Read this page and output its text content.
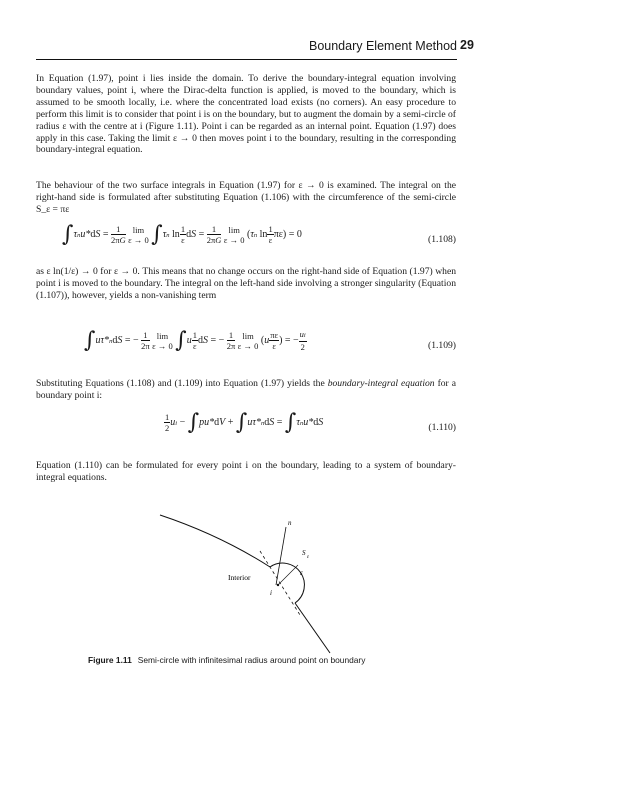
Boundary Element Method 29

In Equation (1.97), point i lies inside the domain. To derive the boundary-integral equation involving boundary values, point i, where the Dirac-delta function is applied, is moved to the boundary, which is assumed to be smooth locally, i.e. where the concentrated load exists (no corners). An easy procedure to perform this limit is to consider that point i is on the boundary, but to augment the domain by a semi-circle of radius ε with the centre at i (Figure 1.11). Point i can be regarded as an internal point. Equation (1.97) does apply in this case. Taking the limit ε → 0 then moves point i to the boundary, resulting in the corresponding boundary-integral equation.

The behaviour of the two surface integrals in Equation (1.97) for ε → 0 is examined. The integral on the right-hand side is formulated after substituting Equation (1.106) with the circumference of the semi-circle S_ε = πε

$\int\tau nu*dS = \frac{1}{2\pi G}$ lim
ε → 0 ∫τn $\ln \frac{1}{\varepsilon}$ dS = $\frac{1}{2\pi G}$ lim
ε → 0 (τn $\ln \frac{1}{\varepsilon} \pi\varepsilon) = 0$	(1.108)

as ε ln(1/ε) → 0 for ε → 0. This means that no change occurs on the right-hand side of Equation (1.97) when point i is moved to the boundary. The integral on the left-hand side involving a stronger singularity (Equation (1.107)), however, yields a non-vanishing term

∫uτ*ndS = − $\frac{1}{2\pi}$ lim
ε → 0 $\int u \frac{1}{\varepsilon}$ dS = − $\frac{1}{2\pi}$ lim
ε → 0 ($u \frac{\pi\varepsilon}{\varepsilon}$ ) = − $\frac{ui}{2}$	(1.109)

Substituting Equations (1.108) and (1.109) into Equation (1.97) yields the boundary-integral equation for a boundary point i:

$\frac{1}{2}$ ui − ∫pu*dV + ∫uτ*ndS = ∫τnu*dS	(1.110)

Equation (1.110) can be formulated for every point i on the boundary, leading to a system of boundary-integral equations.

n
S
ε
ε
i
Interior
Figure 1.11 Semi-circle with infinitesimal radius around point on boundary
